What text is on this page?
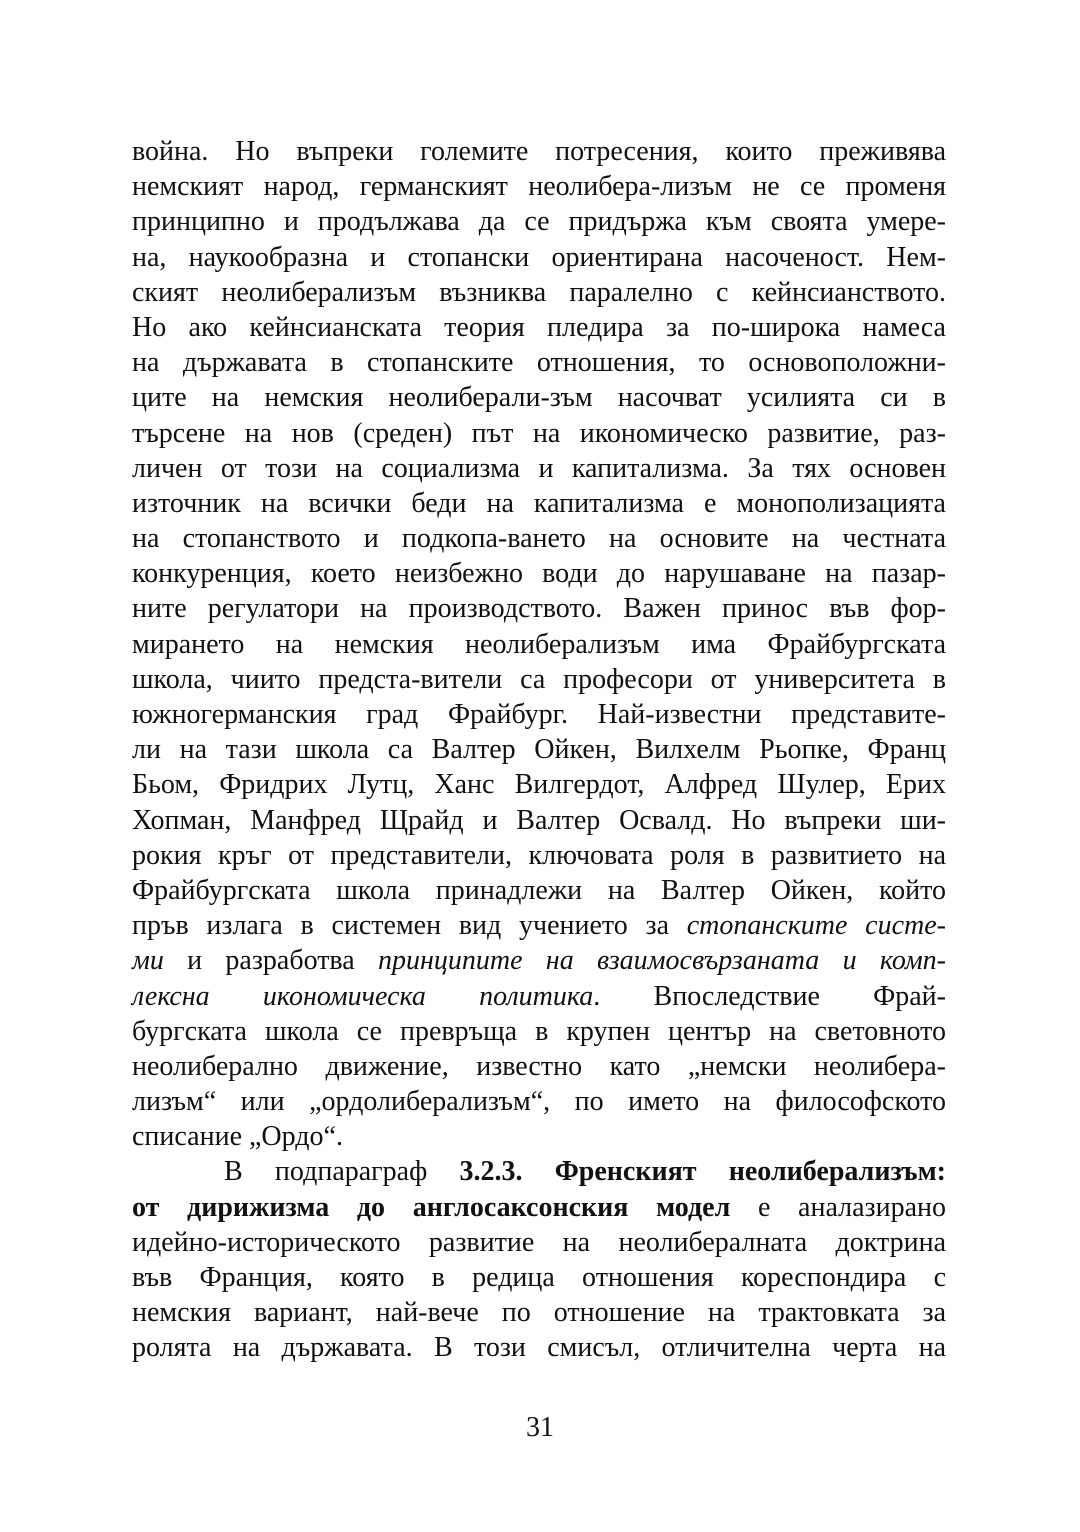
война. Но въпреки големите потресения, които преживява
немският народ, германският неолибера-лизъм не се променя
принципно и продължава да се придържа към своята умере-
на, наукообразна и стопански ориентирана насоченост. Нем-
ският неолиберализъм възниква паралелно с кейнсианството.
Но ако кейнсианската теория пледира за по-широка намеса
на държавата в стопанските отношения, то основоположни-
ците на немския неолиберали-зъм насочват усилията си в
търсене на нов (среден) път на икономическо развитие, раз-
личен от този на социализма и капитализма. За тях основен
източник на всички беди на капитализма е монополизацията
на стопанството и подкопа-ването на основите на честната
конкуренция, което неизбежно води до нарушаване на пазар-
ните регулатори на производството. Важен принос във фор-
мирането на немския неолиберализъм има Фрайбургската
школа, чиито предста-вители са професори от университета в
южногерманския град Фрайбург. Най-известни представите-
ли на тази школа са Валтер Ойкен, Вилхелм Рьопке, Франц
Бьом, Фридрих Лутц, Ханс Вилгердот, Алфред Шулер, Ерих
Хопман, Манфред Щрайд и Валтер Освалд. Но въпреки ши-
рокия кръг от представители, ключовата роля в развитието на
Фрайбургската школа принадлежи на Валтер Ойкен, който
пръв излага в системен вид учението за стопанските систе-
ми и разработва принципите на взаимосвързаната и комп-
лексна икономическа политика. Впоследствие Фрай-
бургската школа се превръща в крупен център на световното
неолиберално движение, известно като „немски неолибера-
лизъм“ или „ордолиберализъм“, по името на философското
списание „Ордо“.
В подпараграф 3.2.3. Френският неолиберализъм:
от дирижизма до англосаксонския модел е аналазирано
идейно-историческото развитие на неолибералната доктрина
във Франция, която в редица отношения кореспондира с
немския вариант, най-вече по отношение на трактовката за
ролята на държавата. В този смисъл, отличителна черта на
31
